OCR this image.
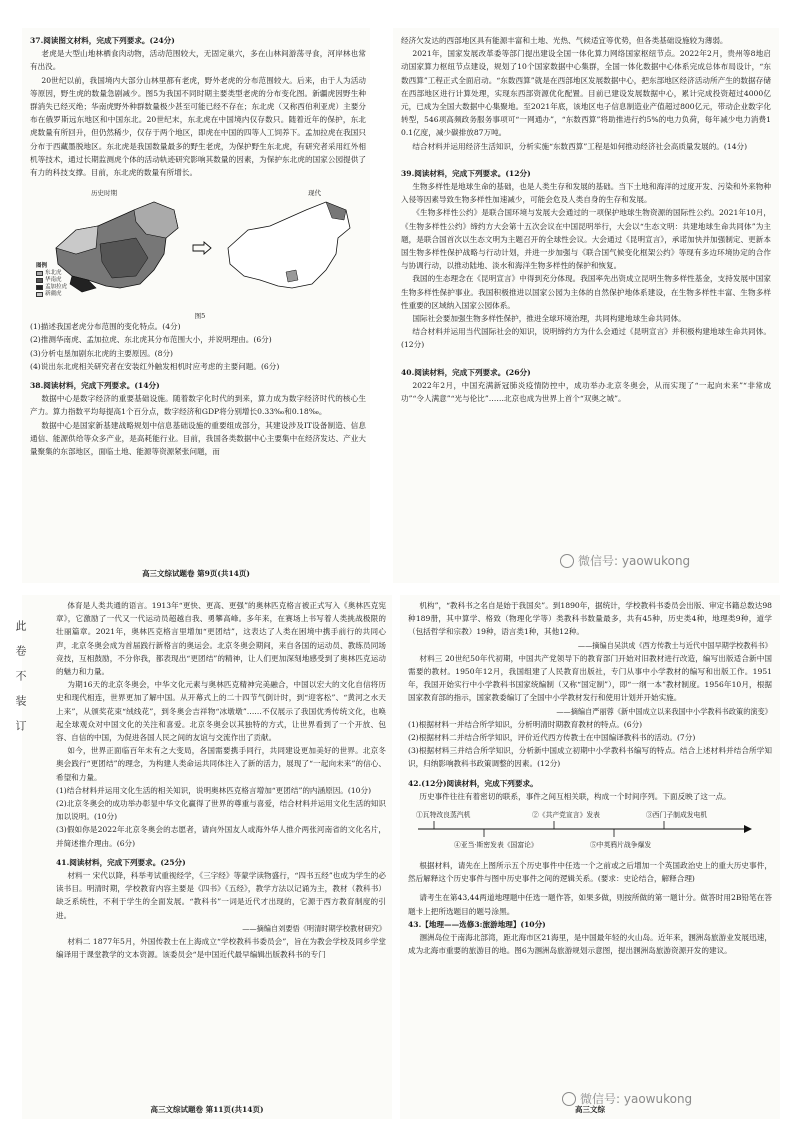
37.阅读图文材料，完成下列要求。(24分)
老虎是大型山地林栖食肉动物，活动范围较大，无固定巢穴，多在山林间游荡寻食，河岸林也常有出没。
20世纪以前，我国境内大部分山林里都有老虎，野外老虎的分布范围较大。后来，由于人为活动等原因，野生虎的数量急剧减少。图5为我国不同时期主要类型老虎的分布变化图。新疆虎因野生种群消失已经灭绝；华南虎野外种群数量极少甚至可能已经不存在；东北虎（又称西伯利亚虎）主要分布在俄罗斯远东地区和中国东北。20世纪末，东北虎在中国境内仅存数只。随着近年的保护，东北虎数量有所回升，但仍然稀少，仅存于两个地区，即虎在中国的四等人工饲养下。孟加拉虎在我国只分布于西藏墨脱地区。东北虎是我国数量最多的野生老虎，为保护野生东北虎，有研究者采用红外相机等技术，通过长期监测虎个体的活动轨迹研究影响其数量的因素，为保护东北虎的国家公园提供了有力的科技支撑。目前，东北虎的数量有所增长。
历史时期
图例
东北虎
华南虎
孟加拉虎
新疆虎
现代
图5
(1)描述我国老虎分布范围的变化特点。(4分)
(2)推测华南虎、孟加拉虎、东北虎其分布范围大小，并说明理由。(6分)
(3)分析屯垦加剧东北虎的主要原因。(8分)
(4)说出东北虎相关研究者在安装红外触发相机时应考虑的主要问题。(6分)
38.阅读材料，完成下列要求。(14分)
数据中心是数字经济的重要基础设施。随着数字化时代的到来，算力成为数字经济时代的核心生产力。算力指数平均每提高1个百分点，数字经济和GDP将分别增长0.33‰和0.18‰。
数据中心是国家新基建战略规划中信息基础设施的重要组成部分，其建设涉及IT设备制造、信息通信、能源供给等众多产业，是高耗能行业。目前，我国各类数据中心主要集中在经济发达、产业大量聚集的东部地区，面临土地、能源等资源紧张问题，而
高三文综试题卷 第9页(共14页)
经济欠发达的西部地区具有能源丰富和土地、光热、气候适宜等优势，但各类基础设施较为薄弱。
2021年，国家发展改革委等部门提出建设全国一体化算力网络国家枢纽节点。2022年2月，贵州等8地启动国家算力枢纽节点建设，规划了10个国家数据中心集群，全国一体化数据中心体系完成总体布局设计，“东数西算”工程正式全面启动。“东数西算”就是在西部地区发展数据中心，把东部地区经济活动所产生的数据存储在西部地区进行计算处理，实现东西部资源优化配置。目前已建设发展数据中心，累计完成投资超过4000亿元，已成为全国大数据中心集聚地。至2021年底，该地区电子信息制造业产值超过800亿元，带动企业数字化转型，546项高频政务服务事项可“一网通办”，“东数西算”将助推进行约5%的电力负荷，每年减少电力消费10.1亿度，减少碳排放87万吨。
结合材料并运用经济生活知识，分析实施“东数西算”工程是如何推动经济社会高质量发展的。(14分)
39.阅读材料，完成下列要求。(12分)
生物多样性是地球生命的基础，也是人类生存和发展的基础。当下土地和海洋的过度开发、污染和外来物种入侵等因素导致生物多样性加速减少，可能会危及人类自身的生存和发展。
《生物多样性公约》是联合国环境与发展大会通过的一项保护地球生物资源的国际性公约。2021年10月，《生物多样性公约》缔约方大会第十五次会议在中国昆明举行，大会以“生态文明：共建地球生命共同体”为主题，是联合国首次以生态文明为主题召开的全球性会议。大会通过《昆明宣言》，承诺加快并加强制定、更新本国生物多样性保护战略与行动计划，并进一步加强与《联合国气候变化框架公约》等现有多边环境协定的合作与协调行动，以推动陆地、淡水和海洋生物多样性的保护和恢复。
我国的生态理念在《昆明宣言》中得到充分体现。我国率先出资成立昆明生物多样性基金，支持发展中国家生物多样性保护事业。我国积极推进以国家公园为主体的自然保护地体系建设，在生物多样性丰富、生物多样性重要的区域纳入国家公园体系。
国际社会要加强生物多样性保护，推进全球环境治理，共同构建地球生命共同体。
结合材料并运用当代国际社会的知识，说明缔约方为什么会通过《昆明宣言》并积极构建地球生命共同体。(12分)
40.阅读材料，完成下列要求。(26分)
2022年2月，中国充满新冠肺炎疫情防控中，成功举办北京冬奥会，从而实现了“一起向未来”“非常成功”“令人满意”“光与伦比”……北京也成为世界上首个“双奥之城”。
体育是人类共通的语言。1913年“更快、更高、更强”的奥林匹克格言被正式写入《奥林匹克宪章》，它激励了一代又一代运动员超越自我、勇攀高峰。多年来，在赛场上书写着人类挑战极限的壮丽篇章。2021年，奥林匹克格言里增加“更团结”，这表达了人类在困境中携手前行的共同心声，北京冬奥会成为首届践行新格言的奥运会。北京冬奥会期间，来自各国的运动员、教练员同场竞技，互相鼓励，不分你我，都表现出“更团结”的精神，让人们更加深刻地感受到了奥林匹克运动的魅力和力量。
为期16天的北京冬奥会，中华文化元素与奥林匹克精神完美融合，中国以宏大的文化自信将历史和现代相连，世界更加了解中国。从开幕式上的二十四节气倒计时，到“迎客松”、“黄河之水天上来”，从颁奖花束“绒线花”，到冬奥会吉祥物“冰墩墩”……不仅展示了我国优秀传统文化，也唤起全球观众对中国文化的关注和喜爱。北京冬奥会以其独特的方式，让世界看到了一个开放、包容、自信的中国，为促进各国人民之间的友谊与交流作出了贡献。
如今，世界正面临百年未有之大变局，各国需要携手同行，共同建设更加美好的世界。北京冬奥会践行“更团结”的理念，为构建人类命运共同体注入了新的活力，展现了“一起向未来”的信心、希望和力量。
(1)结合材料并运用文化生活的相关知识，说明奥林匹克格言增加“更团结”的内涵原因。(10分)
(2)北京冬奥会的成功举办彰显中华文化赢得了世界的尊重与喜爱，结合材料并运用文化生活的知识加以说明。(10分)
(3)假如你是2022年北京冬奥会的志愿者，请向外国友人或海外华人推介两张河南省的文化名片，并简述推介理由。(6分)
41.阅读材料，完成下列要求。(25分)
材料一 宋代以降，科举考试重视经学，《三字经》等蒙学读物盛行，“四书五经”也成为学生的必读书目。明清时期，学校教育内容主要是《四书》《五经》，教学方法以记诵为主，教材（教科书）缺乏系统性，不利于学生的全面发展。“教科书”一词是近代才出现的，它源于西方教育制度的引进。
——摘编自刘要悟《明清时期学校教材研究》
材料二 1877年5月，外国传教士在上海成立“学校教科书委员会”，旨在为教会学校及同乡学堂编译用于课堂教学的文本资源。该委员会“是中国近代最早编辑出版教科书的专门
高三文综试题卷 第11页(共14页)
此卷不装订
机构”，“教科书之名自是始于我国矣”。到1890年，据统计，学校教科书委员会出版、审定书籍总数达98种189册，其中算学、格致（物理化学等）类教科书数量最多，共有45种，历史类4种，地理类9种，道学（包括哲学和宗教）19种，语言类1种，其他12种。
——摘编自吴洪成《西方传教士与近代中国早期学校教科书》
材料三 20世纪50年代初期，中国共产党领导下的教育部门开始对旧教材进行改造，编写出版适合新中国需要的教材。1950年12月，我国组建了人民教育出版社，专门从事中小学教材的编写和出版工作。1951年，我国开始实行中小学教科书国家统编制（又称“国定制”），即“一纲一本”教材制度。1956年10月，根据国家教育部的指示，国家教委编订了全国中小学教材发行和使用计划并开始实施。
——摘编自严丽蓉《新中国成立以来我国中小学教科书政策的演变》
(1)根据材料一并结合所学知识，分析明清时期教育教材的特点。(6分)
(2)根据材料二并结合所学知识，评价近代西方传教士在中国编译教科书的活动。(7分)
(3)根据材料三并结合所学知识，分析新中国成立初期中小学教科书编写的特点。结合上述材料并结合所学知识，归纳影响教科书政策调整的因素。(12分)
42.(12分)阅读材料，完成下列要求。
历史事件往往有着密切的联系，事件之间互相关联，构成一个时间序列。下面反映了这一点。
①瓦特改良蒸汽机	②《共产党宣言》发表	③西门子制成发电机
④亚当·斯密发表《国富论》	⑤中英鸦片战争爆发
根据材料，请先在上图所示五个历史事件中任选一个之前或之后增加一个英国政治史上的重大历史事件，然后解释这个历史事件与图中历史事件之间的逻辑关系。(要求：史论结合，解释合理)
请考生在第43,44两道地理题中任选一题作答，如果多做，则按所做的第一题计分。做答时用2B铅笔在答题卡上把所选题目的题号涂黑。
43.【地理——选修3:旅游地理】(10分)
涠洲岛位于南海北部湾，距北海市区21海里，是中国最年轻的火山岛。近年来，涠洲岛旅游业发展迅速，成为北海市重要的旅游目的地。图6为涠洲岛旅游规划示意图，提出涠洲岛旅游资源开发的建议。
高三文综
微信号: yaowukong
微信号: yaowukong
